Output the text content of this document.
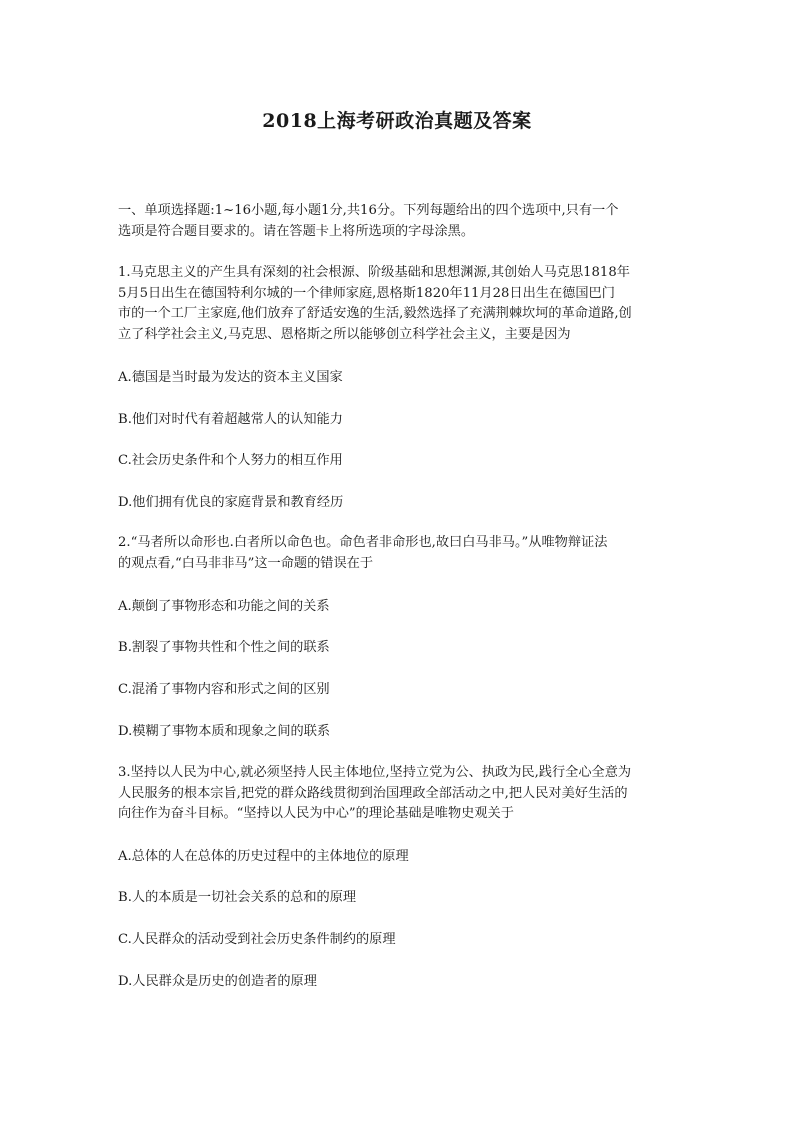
2018上海考研政治真题及答案
一、单项选择题:1~16小题,每小题1分,共16分。下列每题给出的四个选项中,只有一个
选项是符合题目要求的。请在答题卡上将所选项的字母涂黑。
1.马克思主义的产生具有深刻的社会根源、阶级基础和思想渊源,其创始人马克思1818年
5月5日出生在德国特利尔城的一个律师家庭,恩格斯1820年11月28日出生在德国巴门
市的一个工厂主家庭,他们放弃了舒适安逸的生活,毅然选择了充满荆棘坎坷的革命道路,创
立了科学社会主义,马克思、恩格斯之所以能够创立科学社会主义，主要是因为
A.德国是当时最为发达的资本主义国家
B.他们对时代有着超越常人的认知能力
C.社会历史条件和个人努力的相互作用
D.他们拥有优良的家庭背景和教育经历
2.“马者所以命形也.白者所以命色也。命色者非命形也,故曰白马非马。”从唯物辩证法
的观点看,“白马非非马”这一命题的错误在于
A.颠倒了事物形态和功能之间的关系
B.割裂了事物共性和个性之间的联系
C.混淆了事物内容和形式之间的区别
D.模糊了事物本质和现象之间的联系
3.坚持以人民为中心,就必须坚持人民主体地位,坚持立党为公、执政为民,践行全心全意为
人民服务的根本宗旨,把党的群众路线贯彻到治国理政全部活动之中,把人民对美好生活的
向往作为奋斗目标。“坚持以人民为中心”的理论基础是唯物史观关于
A.总体的人在总体的历史过程中的主体地位的原理
B.人的本质是一切社会关系的总和的原理
C.人民群众的活动受到社会历史条件制约的原理
D.人民群众是历史的创造者的原理
